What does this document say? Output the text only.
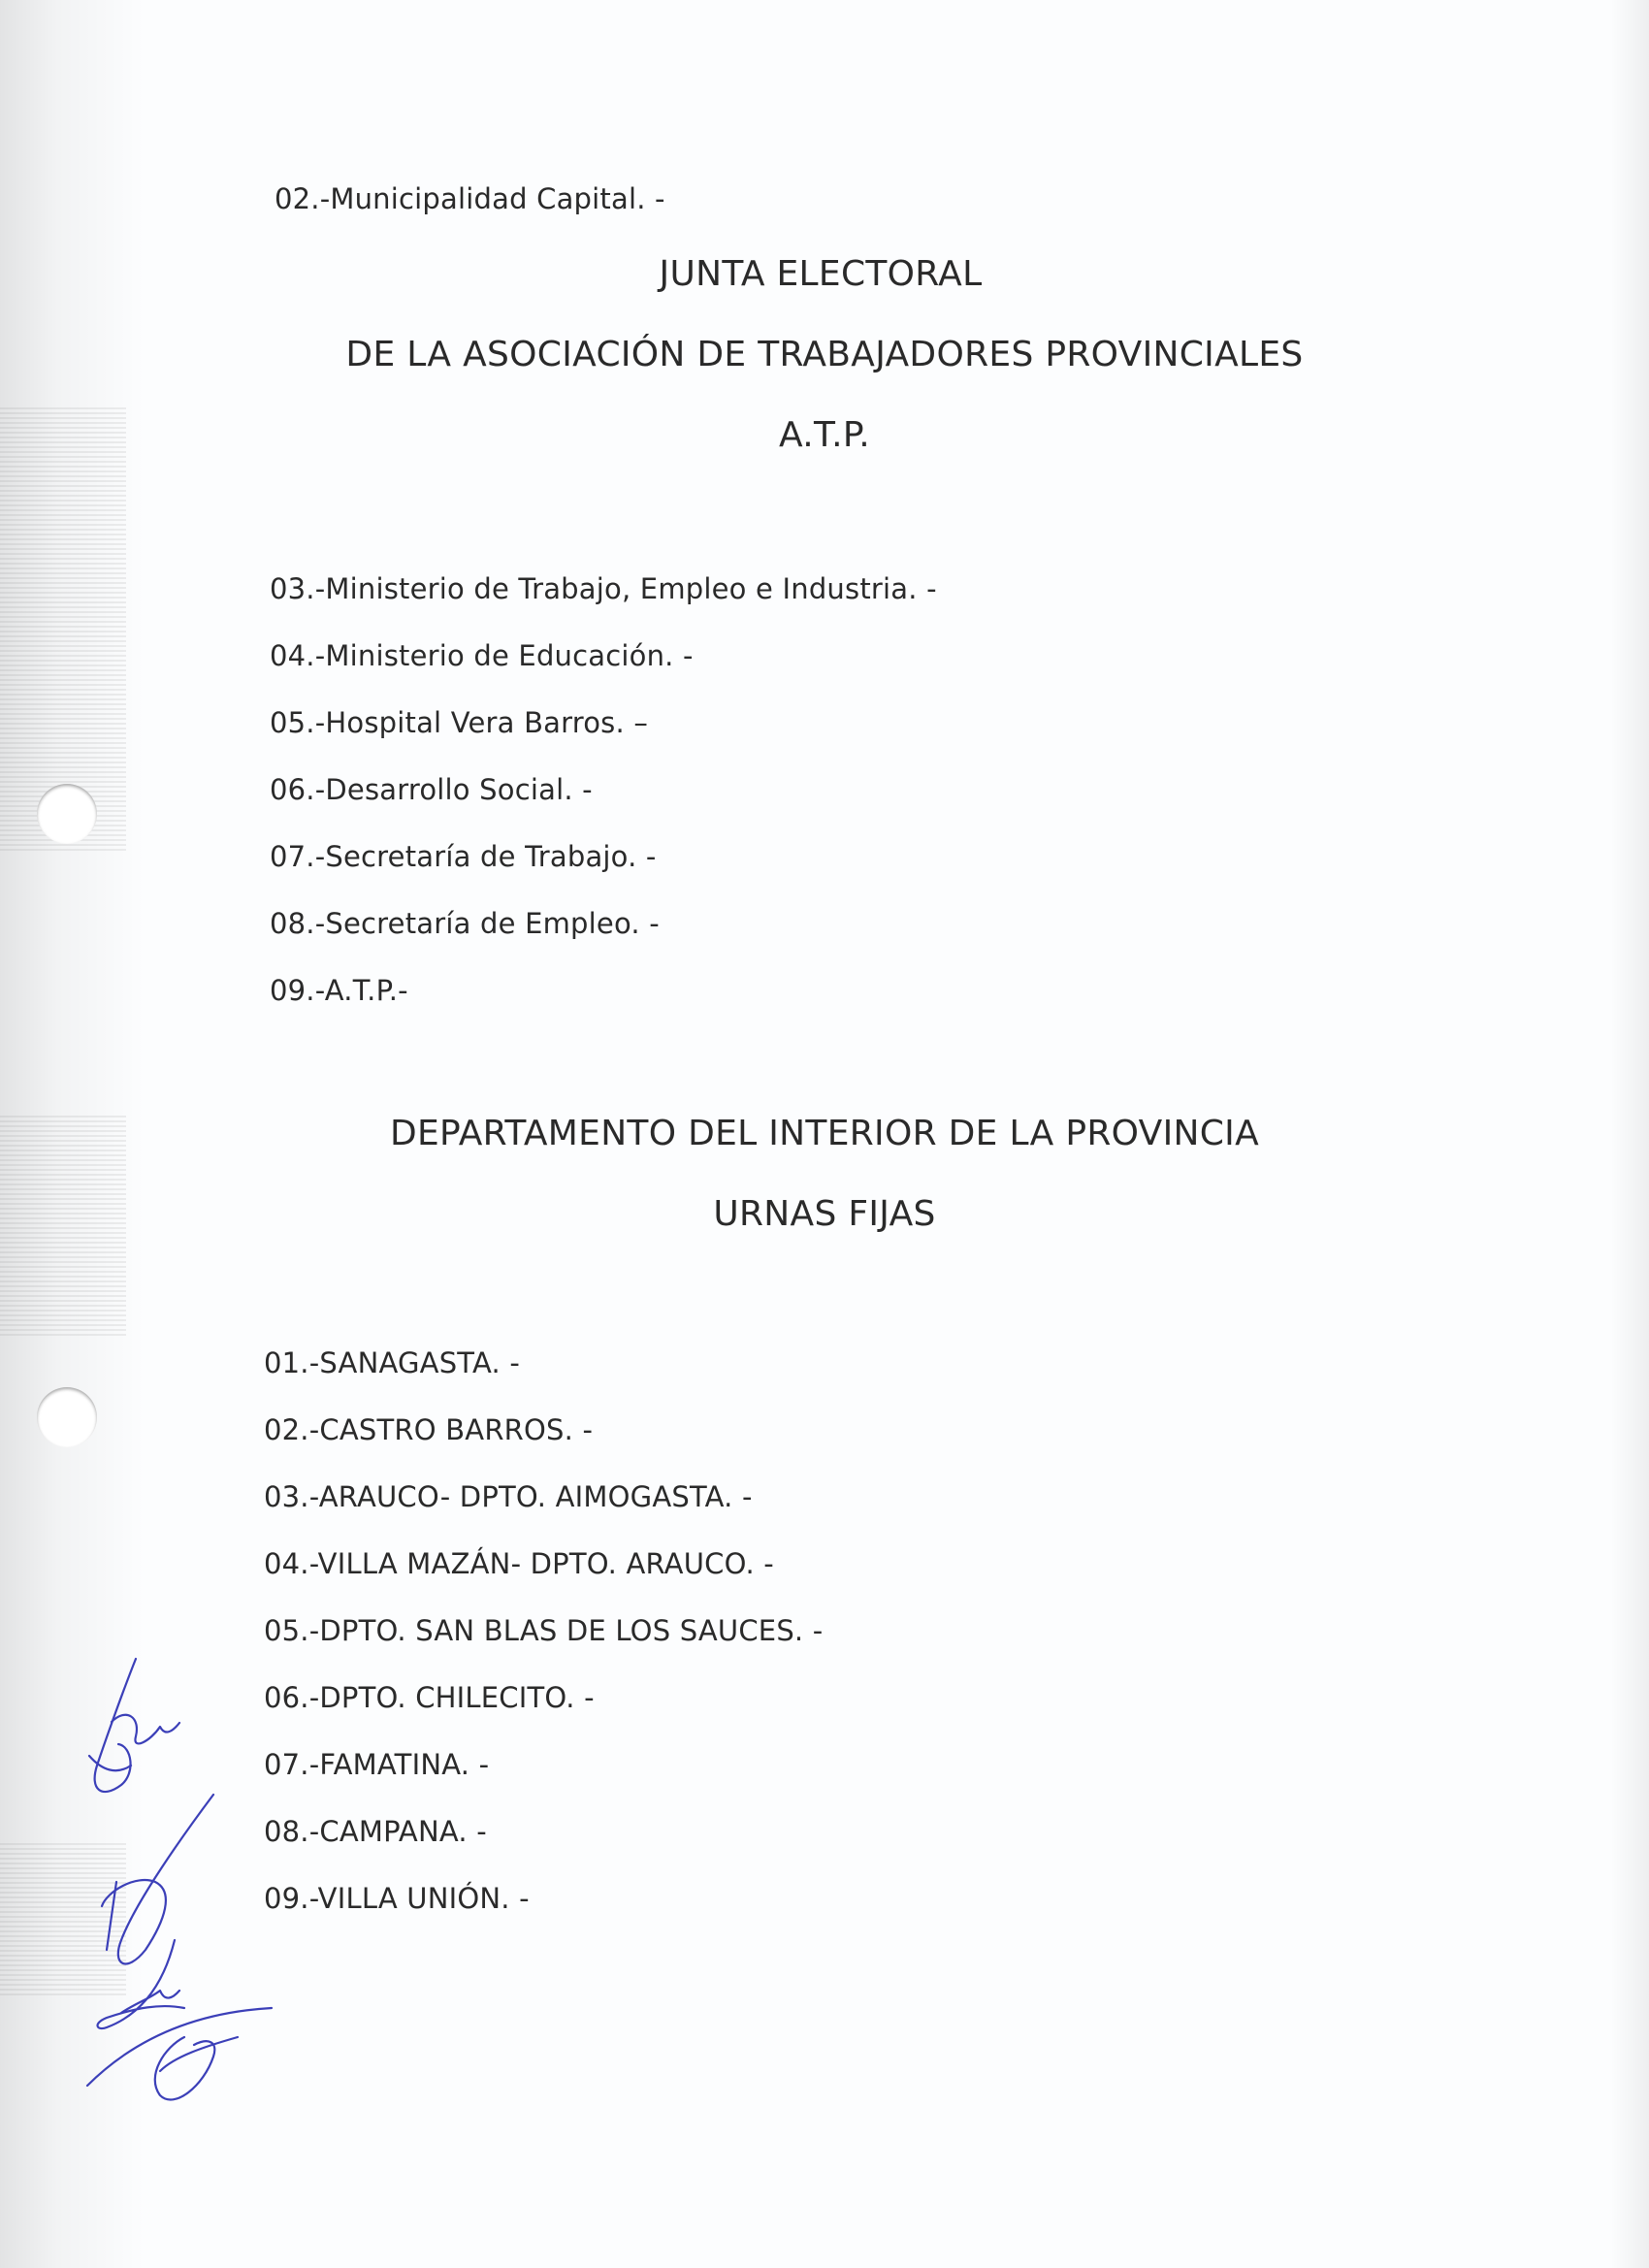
02.-Municipalidad Capital. -
JUNTA ELECTORAL
DE LA ASOCIACIÓN DE TRABAJADORES PROVINCIALES
A.T.P.
03.-Ministerio de Trabajo, Empleo e Industria. -
04.-Ministerio de Educación. -
05.-Hospital Vera Barros. –
06.-Desarrollo Social. -
07.-Secretaría de Trabajo. -
08.-Secretaría de Empleo. -
09.-A.T.P.-
DEPARTAMENTO DEL INTERIOR DE LA PROVINCIA
URNAS FIJAS
01.-SANAGASTA. -
02.-CASTRO BARROS. -
03.-ARAUCO- DPTO. AIMOGASTA. -
04.-VILLA MAZÁN- DPTO. ARAUCO. -
05.-DPTO. SAN BLAS DE LOS SAUCES. -
06.-DPTO. CHILECITO. -
07.-FAMATINA. -
08.-CAMPANA. -
09.-VILLA UNIÓN. -
